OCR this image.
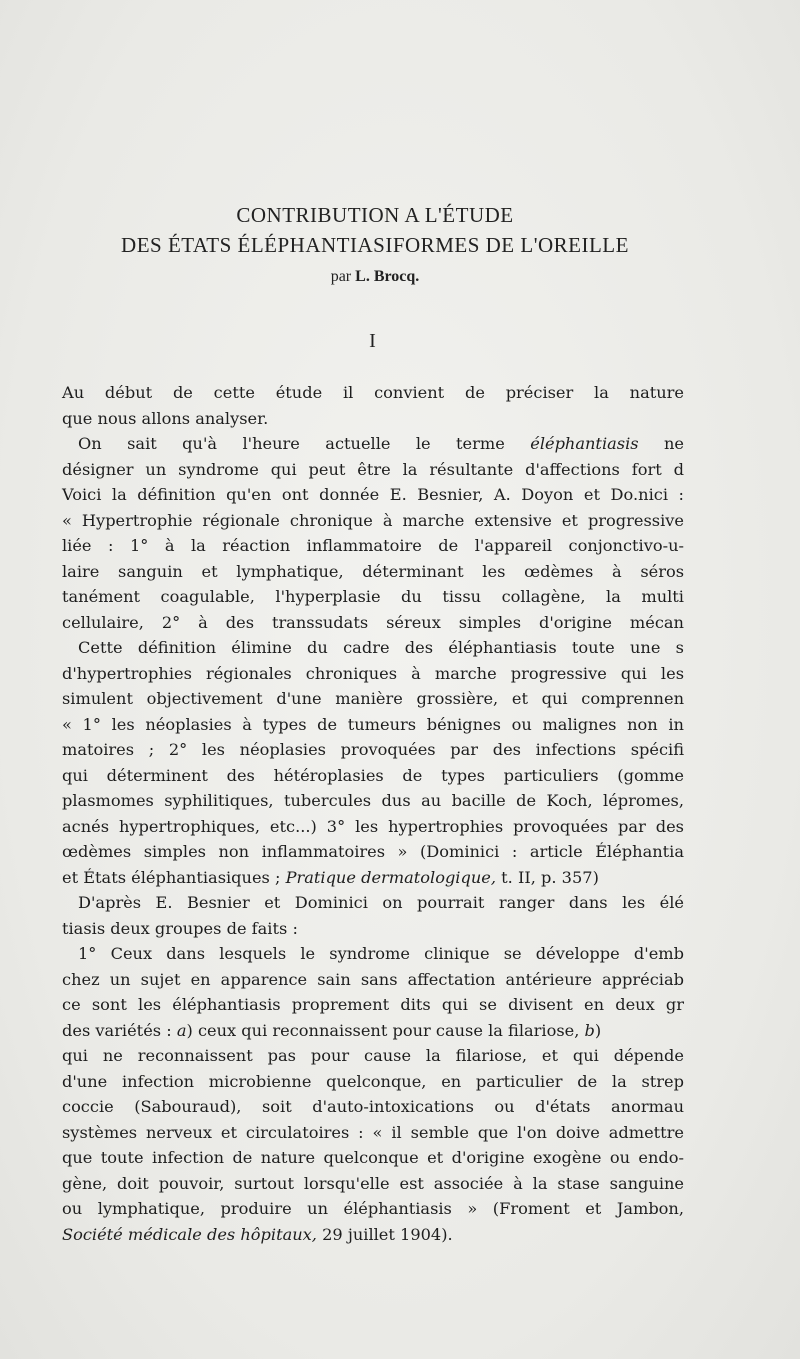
CONTRIBUTION A L'ÉTUDE
DES ÉTATS ÉLÉPHANTIASIFORMES DE L'OREILLE
par L. Brocq.
I
Au début de cette étude il convient de préciser la nature
que nous allons analyser.
On sait qu'à l'heure actuelle le terme éléphantiasis ne
désigner un syndrome qui peut être la résultante d'affections fort d
Voici la définition qu'en ont donnée E. Besnier, A. Doyon et Do.nici :
« Hypertrophie régionale chronique à marche extensive et progressive
liée : 1° à la réaction inflammatoire de l'appareil conjonctivo-u-
laire sanguin et lymphatique, déterminant les œdèmes à séros
tanément coagulable, l'hyperplasie du tissu collagène, la multi
cellulaire, 2° à des transsudats séreux simples d'origine mécan
Cette définition élimine du cadre des éléphantiasis toute une s
d'hypertrophies régionales chroniques à marche progressive qui les
simulent objectivement d'une manière grossière, et qui comprennen
« 1° les néoplasies à types de tumeurs bénignes ou malignes non in
matoires ; 2° les néoplasies provoquées par des infections spécifi
qui déterminent des hétéroplasies de types particuliers (gomme
plasmomes syphilitiques, tubercules dus au bacille de Koch, lépromes,
acnés hypertrophiques, etc...) 3° les hypertrophies provoquées par des
œdèmes simples non inflammatoires » (Dominici : article Éléphantia
et États éléphantiasiques ; Pratique dermatologique, t. II, p. 357)
D'après E. Besnier et Dominici on pourrait ranger dans les élé
tiasis deux groupes de faits :
1° Ceux dans lesquels le syndrome clinique se développe d'emb
chez un sujet en apparence sain sans affectation antérieure appréciab
ce sont les éléphantiasis proprement dits qui se divisent en deux gr
des variétés : a) ceux qui reconnaissent pour cause la filariose, b)
qui ne reconnaissent pas pour cause la filariose, et qui dépende
d'une infection microbienne quelconque, en particulier de la strep
coccie (Sabouraud), soit d'auto-intoxications ou d'états anormau
systèmes nerveux et circulatoires : « il semble que l'on doive admettre
que toute infection de nature quelconque et d'origine exogène ou endo-
gène, doit pouvoir, surtout lorsqu'elle est associée à la stase sanguine
ou lymphatique, produire un éléphantiasis » (Froment et Jambon,
Société médicale des hôpitaux, 29 juillet 1904).
